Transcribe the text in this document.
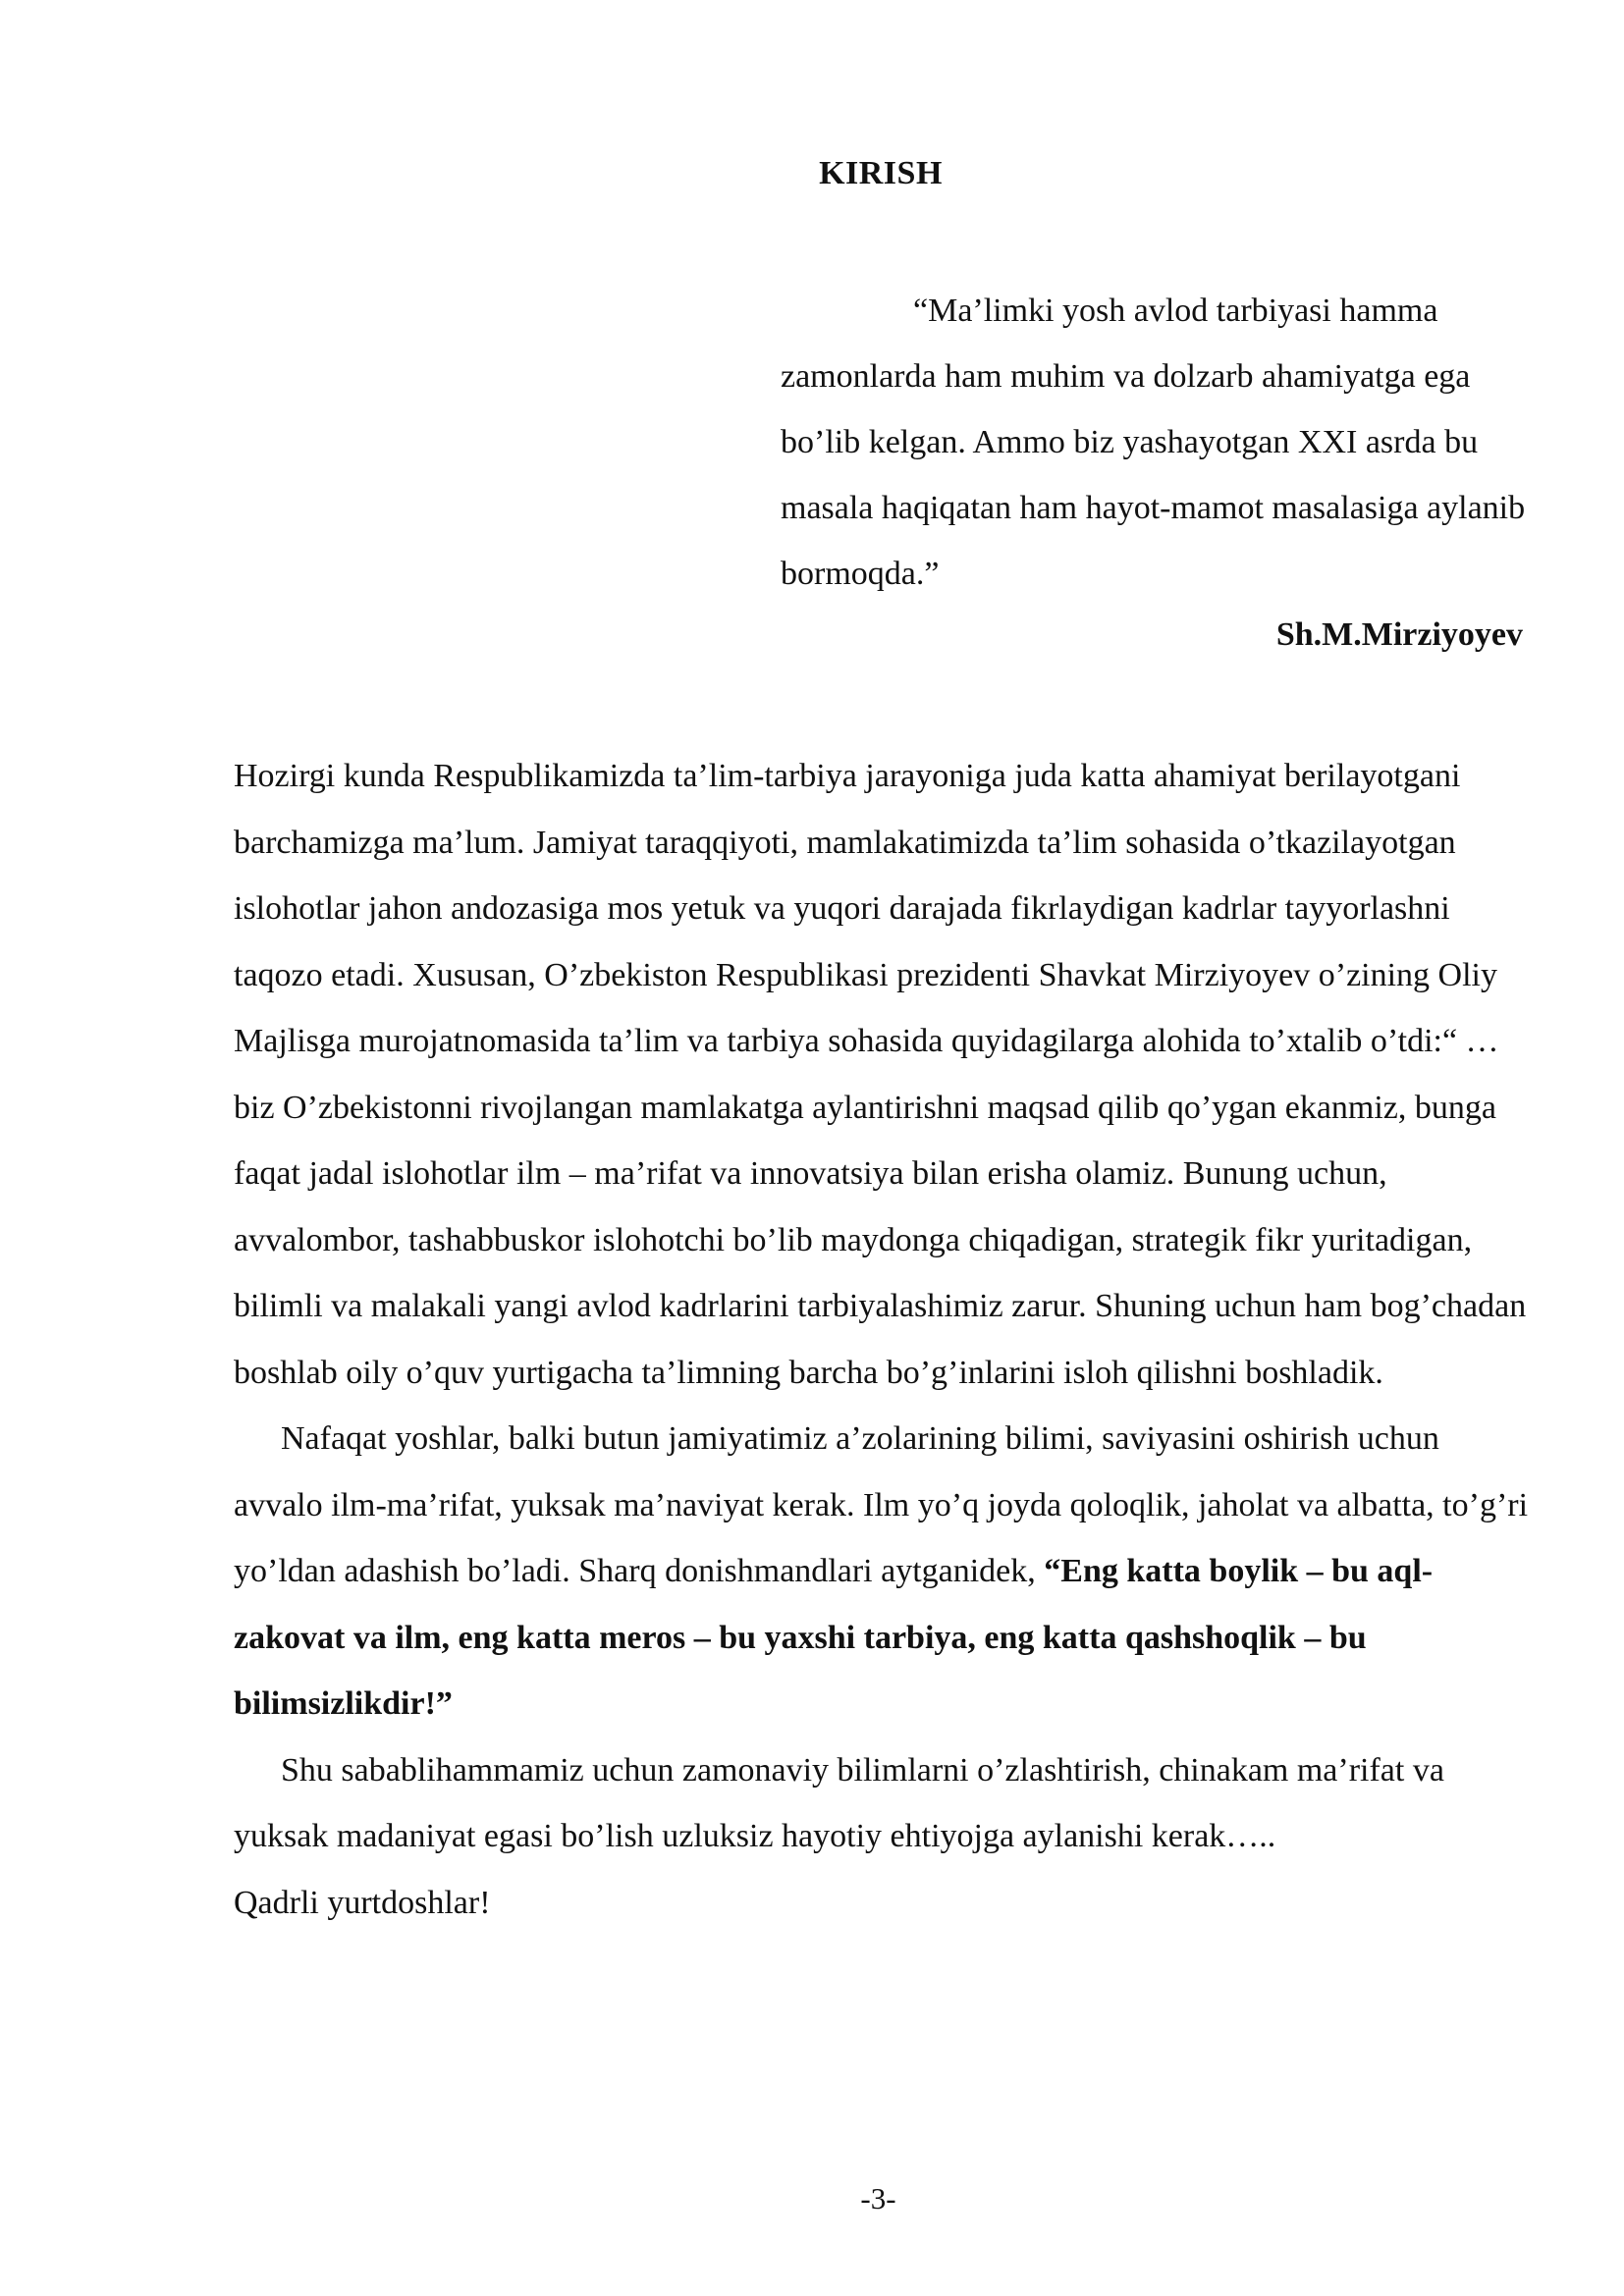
KIRISH

“Ma’limki yosh avlod tarbiyasi hamma zamonlarda ham muhim va dolzarb ahamiyatga ega bo’lib kelgan. Ammo biz yashayotgan XXI asrda bu masala haqiqatan ham hayot-mamot masalasiga aylanib bormoqda.”

Sh.M.Mirziyoyev

Hozirgi kunda Respublikamizda ta’lim-tarbiya jarayoniga juda katta ahamiyat berilayotgani barchamizga ma’lum. Jamiyat taraqqiyoti, mamlakatimizda ta’lim sohasida o’tkazilayotgan islohotlar jahon andozasiga mos yetuk va yuqori darajada fikrlaydigan kadrlar tayyorlashni taqozo etadi. Xususan, O’zbekiston Respublikasi prezidenti Shavkat Mirziyoyev o’zining Oliy Majlisga murojatnomasida ta’lim va tarbiya sohasida quyidagilarga alohida to’xtalib o’tdi:“ … biz O’zbekistonni rivojlangan mamlakatga aylantirishni maqsad qilib qo’ygan ekanmiz, bunga faqat jadal islohotlar ilm – ma’rifat va innovatsiya bilan erisha olamiz. Bunung uchun, avvalombor, tashabbuskor islohotchi bo’lib maydonga chiqadigan, strategik fikr yuritadigan, bilimli va malakali yangi avlod kadrlarini tarbiyalashimiz zarur. Shuning uchun ham bog’chadan boshlab oily o’quv yurtigacha ta’limning barcha bo’g’inlarini isloh qilishni boshladik.

Nafaqat yoshlar, balki butun jamiyatimiz a’zolarining bilimi, saviyasini oshirish uchun avvalo ilm-ma’rifat, yuksak ma’naviyat kerak. Ilm yo’q joyda qoloqlik, jaholat va albatta, to’g’ri yo’ldan adashish bo’ladi. Sharq donishmandlari aytganidek, “Eng katta boylik – bu aql-zakovat va ilm, eng katta meros – bu yaxshi tarbiya, eng katta qashshoqlik – bu bilimsizlikdir!”

Shu sabablihammamiz uchun zamonaviy bilimlarni o’zlashtirish, chinakam ma’rifat va yuksak madaniyat egasi bo’lish uzluksiz hayotiy ehtiyojga aylanishi kerak…..

Qadrli yurtdoshlar!

-3-
